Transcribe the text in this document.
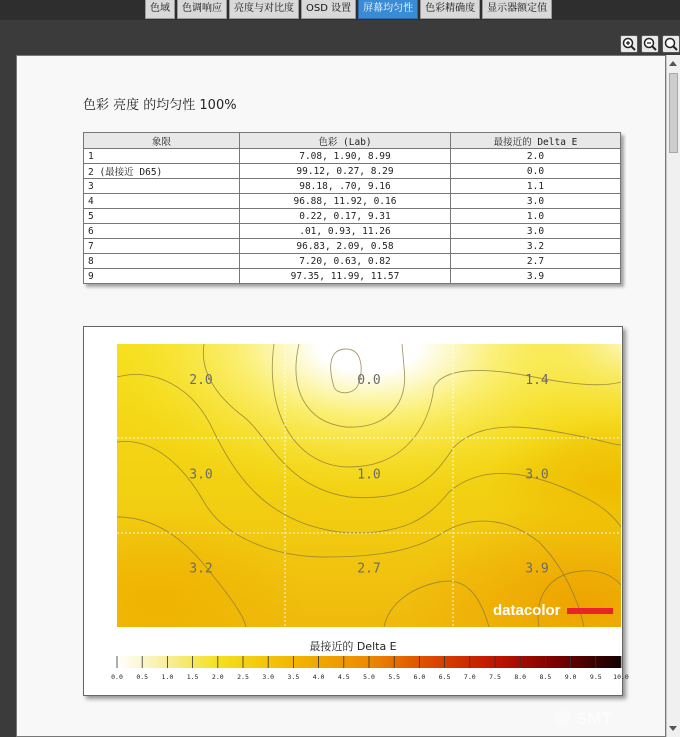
色域	色调响应	亮度与对比度	OSD 设置	屏幕均匀性	色彩精确度	显示器额定值
色彩 亮度 的均匀性 100%
象限	色彩 (Lab)	最接近的 Delta E
1	7.08, 1.90, 8.99	2.0
2 (最接近 D65)	99.12, 0.27, 8.29	0.0
3	98.18, .70, 9.16	1.1
4	96.88, 11.92, 0.16	3.0
5	0.22, 0.17, 9.31	1.0
6	.01, 0.93, 11.26	3.0
7	96.83, 2.09, 0.58	3.2
8	7.20, 0.63, 0.82	2.7
9	97.35, 11.99, 11.57	3.9
2.0	0.0	1.4
3.0	1.0	3.0
3.2	2.7	3.9
datacolor
最接近的 Delta E
0.0 0.5 1.0 1.5 2.0 2.5 3.0 3.5 4.0 4.5 5.0 5.5 6.0 6.5 7.0 7.5 8.0 8.5 9.0 9.5 10.0
SMT
